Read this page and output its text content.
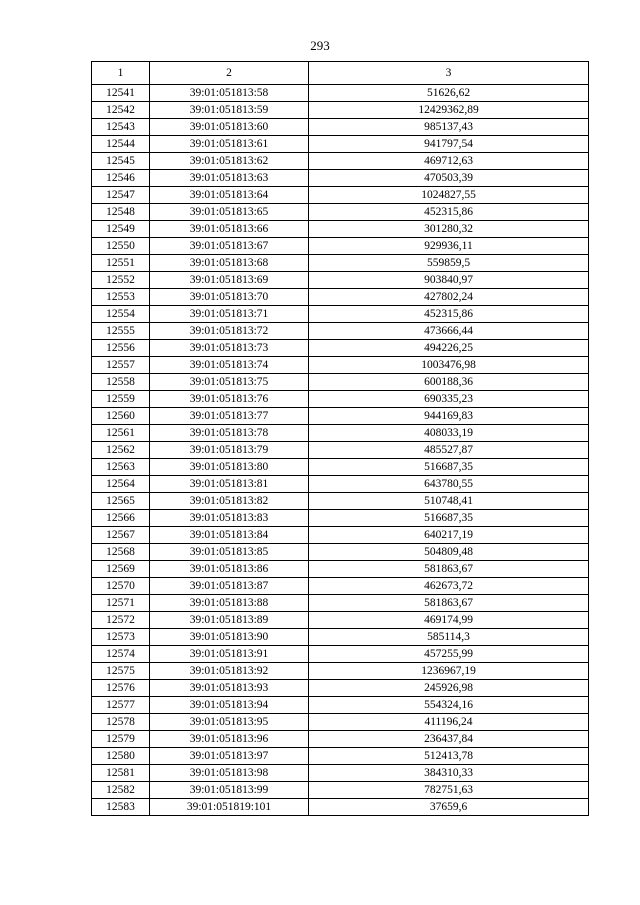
293
1	2	3
12541	39:01:051813:58	51626,62
12542	39:01:051813:59	12429362,89
12543	39:01:051813:60	985137,43
12544	39:01:051813:61	941797,54
12545	39:01:051813:62	469712,63
12546	39:01:051813:63	470503,39
12547	39:01:051813:64	1024827,55
12548	39:01:051813:65	452315,86
12549	39:01:051813:66	301280,32
12550	39:01:051813:67	929936,11
12551	39:01:051813:68	559859,5
12552	39:01:051813:69	903840,97
12553	39:01:051813:70	427802,24
12554	39:01:051813:71	452315,86
12555	39:01:051813:72	473666,44
12556	39:01:051813:73	494226,25
12557	39:01:051813:74	1003476,98
12558	39:01:051813:75	600188,36
12559	39:01:051813:76	690335,23
12560	39:01:051813:77	944169,83
12561	39:01:051813:78	408033,19
12562	39:01:051813:79	485527,87
12563	39:01:051813:80	516687,35
12564	39:01:051813:81	643780,55
12565	39:01:051813:82	510748,41
12566	39:01:051813:83	516687,35
12567	39:01:051813:84	640217,19
12568	39:01:051813:85	504809,48
12569	39:01:051813:86	581863,67
12570	39:01:051813:87	462673,72
12571	39:01:051813:88	581863,67
12572	39:01:051813:89	469174,99
12573	39:01:051813:90	585114,3
12574	39:01:051813:91	457255,99
12575	39:01:051813:92	1236967,19
12576	39:01:051813:93	245926,98
12577	39:01:051813:94	554324,16
12578	39:01:051813:95	411196,24
12579	39:01:051813:96	236437,84
12580	39:01:051813:97	512413,78
12581	39:01:051813:98	384310,33
12582	39:01:051813:99	782751,63
12583	39:01:051819:101	37659,6
